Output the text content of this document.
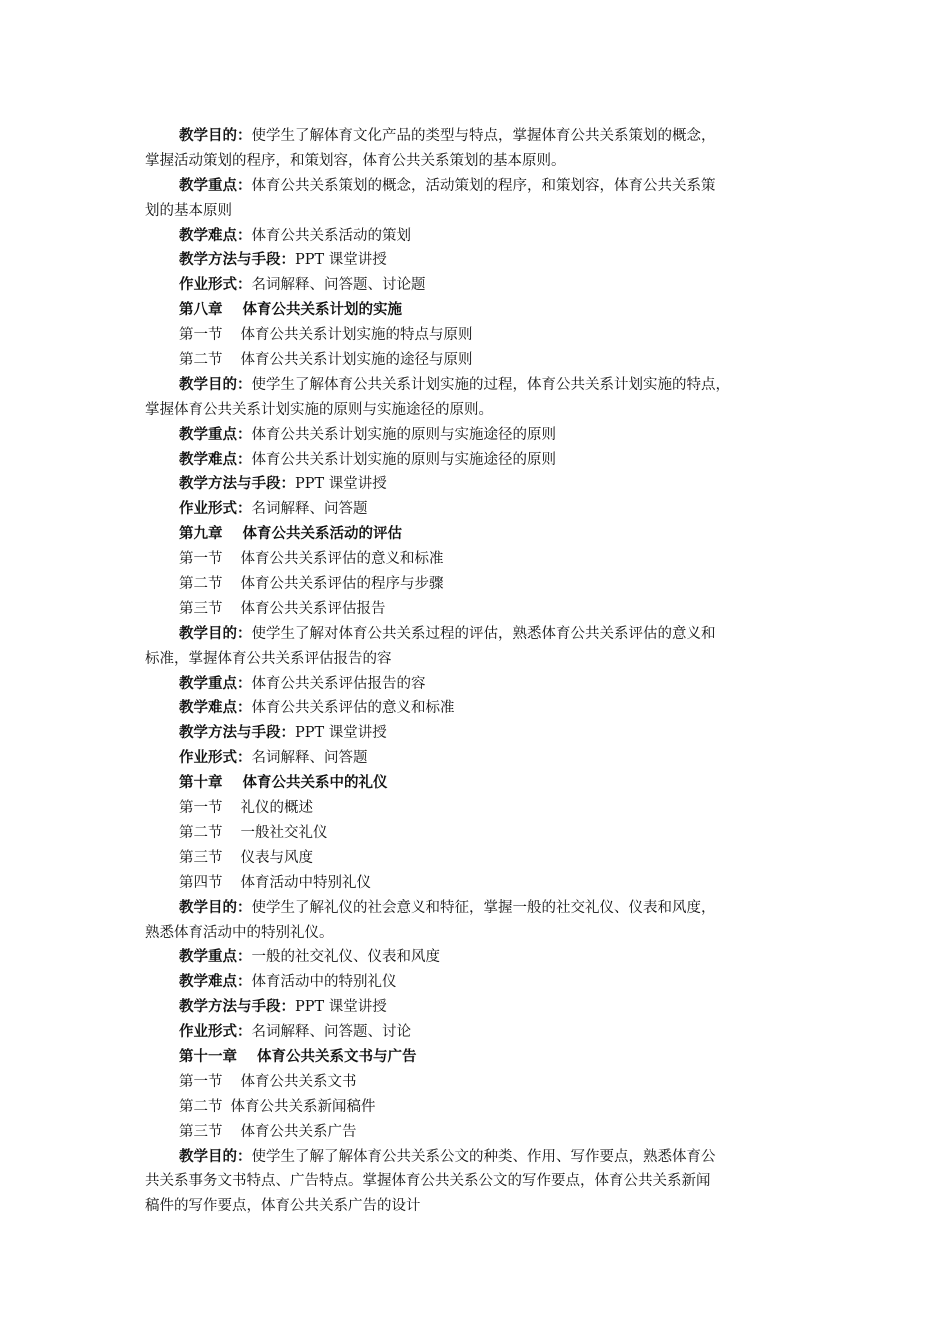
教学目的：使学生了解体育文化产品的类型与特点，掌握体育公共关系策划的概念，
掌握活动策划的程序，和策划容，体育公共关系策划的基本原则。
教学重点：体育公共关系策划的概念，活动策划的程序，和策划容，体育公共关系策
划的基本原则
教学难点：体育公共关系活动的策划
教学方法与手段：PPT 课堂讲授
作业形式：名词解释、问答题、讨论题
第八章 体育公共关系计划的实施
第一节 体育公共关系计划实施的特点与原则
第二节 体育公共关系计划实施的途径与原则
教学目的：使学生了解体育公共关系计划实施的过程，体育公共关系计划实施的特点，
掌握体育公共关系计划实施的原则与实施途径的原则。
教学重点：体育公共关系计划实施的原则与实施途径的原则
教学难点：体育公共关系计划实施的原则与实施途径的原则
教学方法与手段：PPT 课堂讲授
作业形式：名词解释、问答题
第九章 体育公共关系活动的评估
第一节 体育公共关系评估的意义和标准
第二节 体育公共关系评估的程序与步骤
第三节 体育公共关系评估报告
教学目的：使学生了解对体育公共关系过程的评估，熟悉体育公共关系评估的意义和
标准，掌握体育公共关系评估报告的容
教学重点：体育公共关系评估报告的容
教学难点：体育公共关系评估的意义和标准
教学方法与手段：PPT 课堂讲授
作业形式：名词解释、问答题
第十章 体育公共关系中的礼仪
第一节 礼仪的概述
第二节 一般社交礼仪
第三节 仪表与风度
第四节 体育活动中特别礼仪
教学目的：使学生了解礼仪的社会意义和特征，掌握一般的社交礼仪、仪表和风度，
熟悉体育活动中的特别礼仪。
教学重点：一般的社交礼仪、仪表和风度
教学难点：体育活动中的特别礼仪
教学方法与手段：PPT 课堂讲授
作业形式：名词解释、问答题、讨论
第十一章 体育公共关系文书与广告
第一节 体育公共关系文书
第二节 体育公共关系新闻稿件
第三节 体育公共关系广告
教学目的：使学生了解了解体育公共关系公文的种类、作用、写作要点，熟悉体育公
共关系事务文书特点、广告特点。掌握体育公共关系公文的写作要点，体育公共关系新闻
稿件的写作要点，体育公共关系广告的设计
